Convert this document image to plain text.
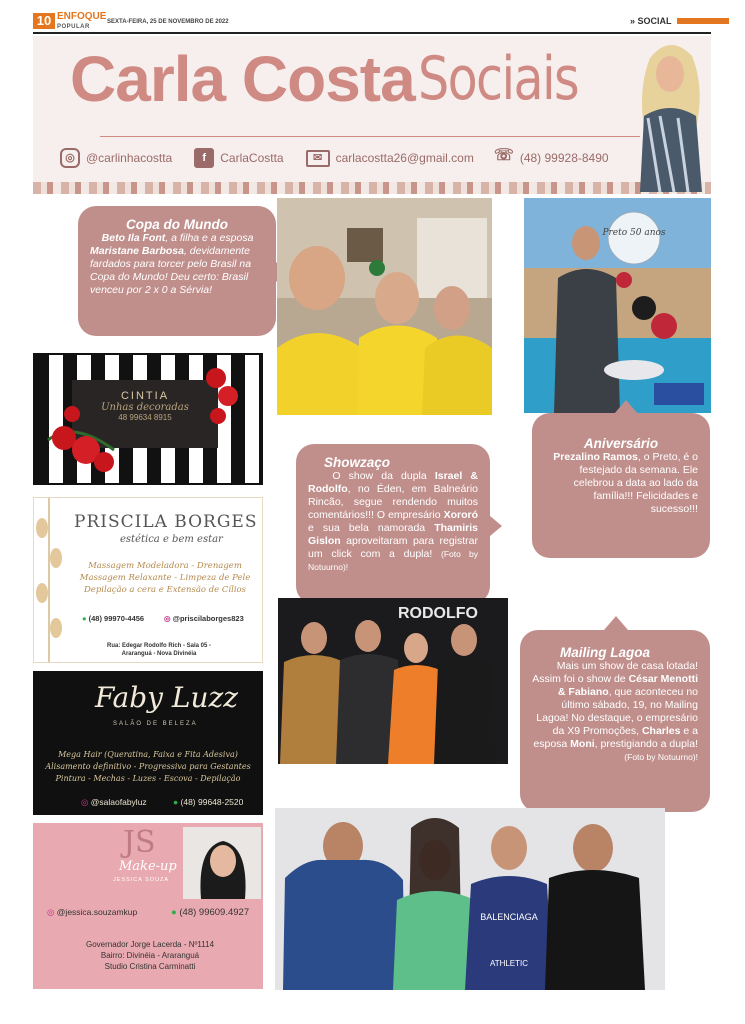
10 ENFOQUE
POPULAR
SEXTA-FEIRA, 25 DE NOVEMBRO DE 2022	» SOCIAL
Carla Costa Sociais
◎ @carlinhacostta	f	CarlaCostta	✉	carlacostta26@gmail.com ☏ (48) 99928-8490
Copa do Mundo

Beto Ila Font, a filha e a esposa Maristane Barbosa, devidamente fardados para torcer pelo Brasil na Copa do Mundo! Deu certo: Brasil venceu por 2 x 0 a Sérvia!

Preto 50 anos
CINTIA
Unhas decoradas
48 99634 8915
Showzaço

O show da dupla Israel & Rodolfo, no Éden, em Balneário Rincão, segue rendendo muitos comentários!!! O empresário Xororó e sua bela namorada Thamiris Gislon aproveitaram para registrar um click com a dupla! (Foto by Notuurno)!

Aniversário

Prezalino Ramos, o Preto, é o festejado da semana. Ele celebrou a data ao lado da família!!! Felicidades e sucesso!!!

PRISCILA BORGES
estética e bem estar
Massagem Modeladora - Drenagem
Massagem Relaxante - Limpeza de Pele
Depilação a cera e Extensão de Cílios
● (48) 99970-4456	◎ @priscilaborges823
Rua: Edegar Rodolfo Rich - Sala 05 -
Araranguá - Nova Divinéia
RODOLFO
Mailing Lagoa

Mais um show de casa lotada! Assim foi o show de César Menotti & Fabiano, que aconteceu no último sábado, 19, no Mailing Lagoa! No destaque, o empresário da X9 Promoções, Charles e a esposa Moni, prestigiando a dupla! (Foto by Notuurno)!

Faby Luzz
SALÃO DE BELEZA
Mega Hair (Queratina, Faixa e Fita Adesiva)
Alisamento definitivo - Progressiva para Gestantes
Pintura - Mechas - Luzes - Escova - Depilação
◎ @salaofabyluz	● (48) 99648-2520
JS
Make-up
JESSICA SOUZA
◎ @jessica.souzamkup	● (48) 99609.4927
Governador Jorge Lacerda - Nº1114
Bairro: Divinéia - Araranguá
Studio Cristina Carminatti
BALENCIAGA
ATHLETIC
